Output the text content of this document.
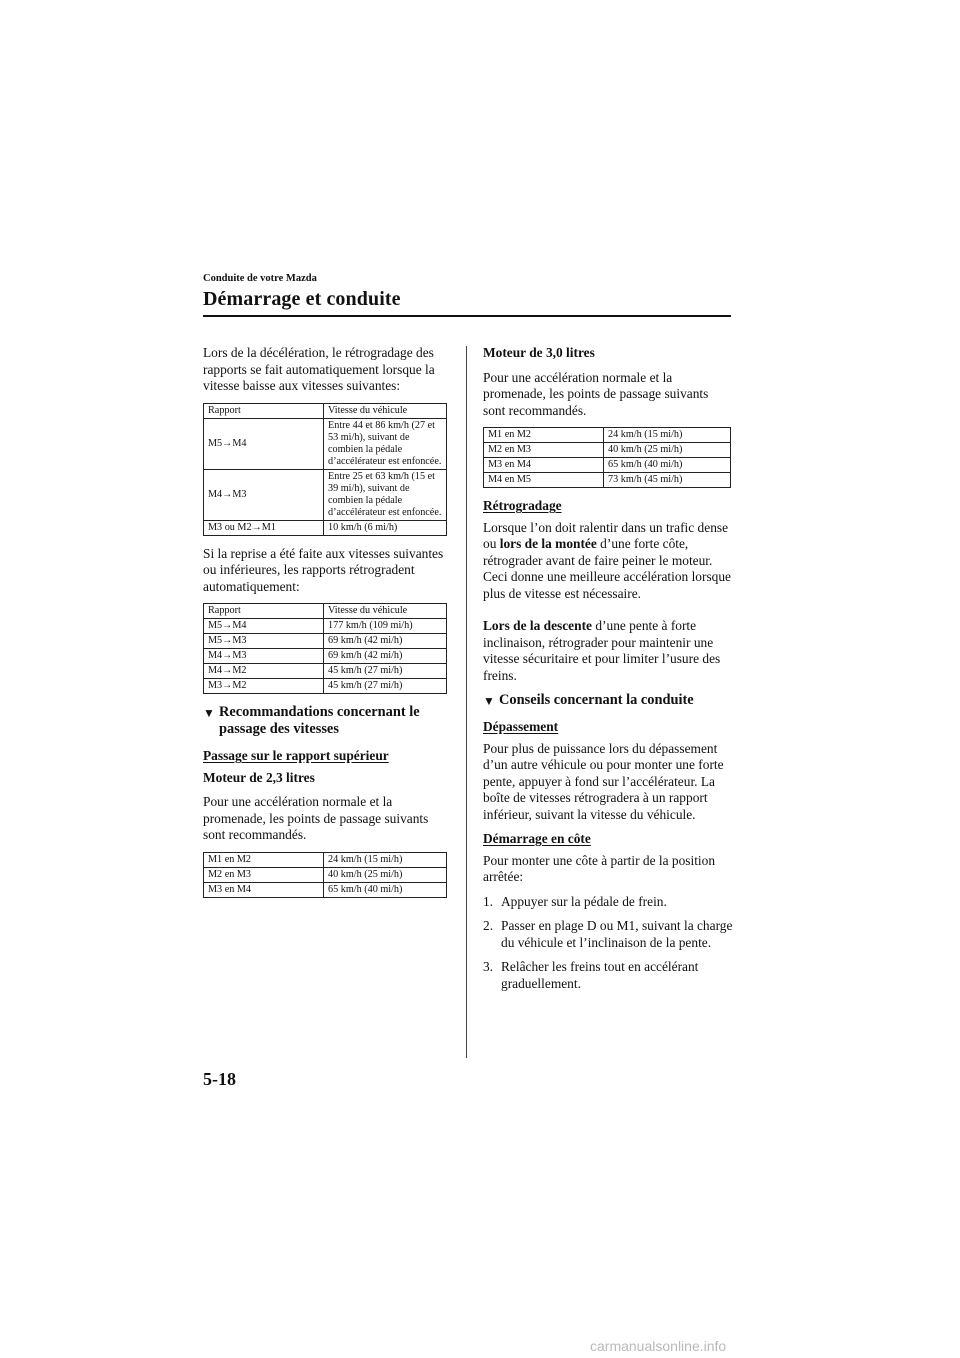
Conduite de votre Mazda
Démarrage et conduite

Lors de la décélération, le rétrogradage des rapports se fait automatiquement lorsque la vitesse baisse aux vitesses suivantes:

Rapport	Vitesse du véhicule
M5→M4	Entre 44 et 86 km/h (27 et 53 mi/h), suivant de combien la pédale d’accélérateur est enfoncée.
M4→M3	Entre 25 et 63 km/h (15 et 39 mi/h), suivant de combien la pédale d’accélérateur est enfoncée.
M3 ou M2→M1	10 km/h (6 mi/h)

Si la reprise a été faite aux vitesses suivantes ou inférieures, les rapports rétrogradent automatiquement:

Rapport	Vitesse du véhicule
M5→M4	177 km/h (109 mi/h)
M5→M3	69 km/h (42 mi/h)
M4→M3	69 km/h (42 mi/h)
M4→M2	45 km/h (27 mi/h)
M3→M2	45 km/h (27 mi/h)
▼ Recommandations concernant le passage des vitesses

Passage sur le rapport supérieur

Moteur de 2,3 litres

Pour une accélération normale et la promenade, les points de passage suivants sont recommandés.

M1 en M2	24 km/h (15 mi/h)
M2 en M3	40 km/h (25 mi/h)
M3 en M4	65 km/h (40 mi/h)

Moteur de 3,0 litres

Pour une accélération normale et la promenade, les points de passage suivants sont recommandés.

M1 en M2	24 km/h (15 mi/h)
M2 en M3	40 km/h (25 mi/h)
M3 en M4	65 km/h (40 mi/h)
M4 en M5	73 km/h (45 mi/h)

Rétrogradage

Lorsque l’on doit ralentir dans un trafic dense ou lors de la montée d’une forte côte, rétrograder avant de faire peiner le moteur. Ceci donne une meilleure accélération lorsque plus de vitesse est nécessaire.

Lors de la descente d’une pente à forte inclinaison, rétrograder pour maintenir une vitesse sécuritaire et pour limiter l’usure des freins.

▼ Conseils concernant la conduite

Dépassement

Pour plus de puissance lors du dépassement d’un autre véhicule ou pour monter une forte pente, appuyer à fond sur l’accélérateur. La boîte de vitesses rétrogradera à un rapport inférieur, suivant la vitesse du véhicule.

Démarrage en côte

Pour monter une côte à partir de la position arrêtée:

1. Appuyer sur la pédale de frein.
2. Passer en plage D ou M1, suivant la charge du véhicule et l’inclinaison de la pente.
3. Relâcher les freins tout en accélérant graduellement.
5-18
carmanualsonline.info
